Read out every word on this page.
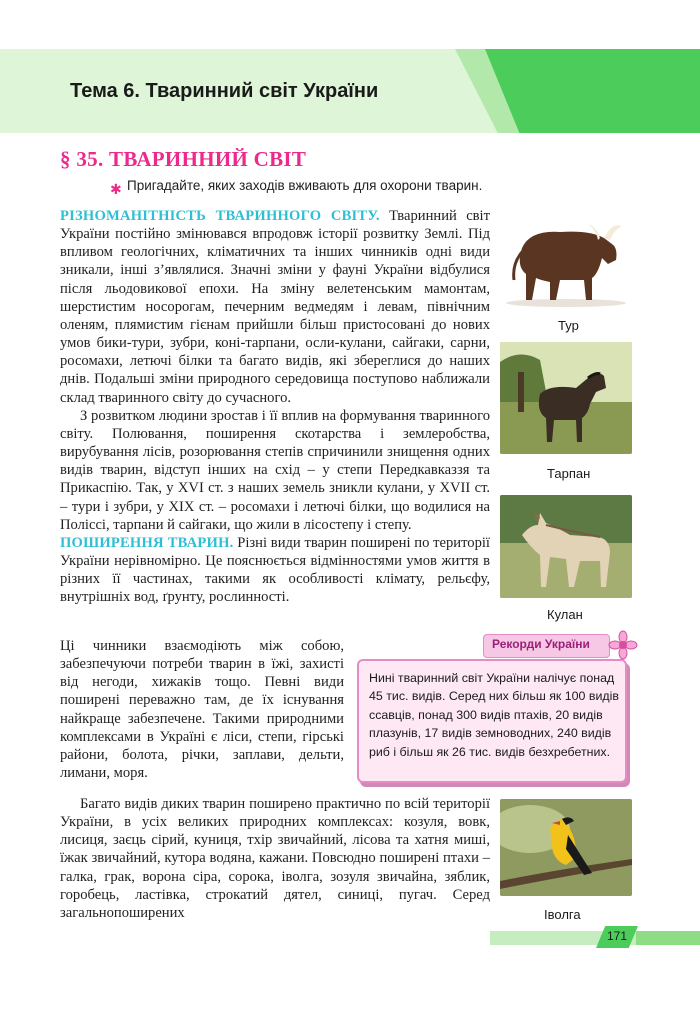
Тема 6. Тваринний світ України
§ 35. ТВАРИННИЙ СВІТ
✱ Пригадайте, яких заходів вживають для охорони тварин.

РІЗНОМАНІТНІСТЬ ТВАРИННОГО СВІТУ. Тваринний світ України постійно змінювався впродовж історії розвитку Землі. Під впливом геологічних, кліматичних та інших чинників одні види зникали, інші з’являлися. Значні зміни у фауні України відбулися після льодовикової епохи. На зміну велетенським мамонтам, шерстистим носорогам, печерним ведмедям і левам, північним оленям, плямистим гієнам прийшли більш пристосовані до нових умов бики-тури, зубри, коні-тарпани, осли-кулани, сайгаки, сарни, росомахи, летючі білки та багато видів, які збереглися до наших днів. Подальші зміни природного середовища поступово наближали склад тваринного світу до сучасного.

З розвитком людини зростав і її вплив на формування тваринного світу. Полювання, поширення скотарства і землеробства, вирубування лісів, розорювання степів спричинили знищення одних видів тварин, відступ інших на схід – у степи Передкавказзя та Прикаспію. Так, у XVI ст. з наших земель зникли кулани, у XVII ст. – тури і зубри, у XIX ст. – росомахи і летючі білки, що водилися на Поліссі, тарпани й сайгаки, що жили в лісостепу і степу.

ПОШИРЕННЯ ТВАРИН. Різні види тварин поширені по території України нерівномірно. Це пояснюється відмінностями умов життя в різних її частинах, такими як особливості клімату, рельєфу, внутрішніх вод, ґрунту, рослинності.

Ці чинники взаємодіють між собою, забезпечуючи потреби тварин в їжі, захисті від негоди, хижаків тощо. Певні види поширені переважно там, де їх існування найкраще забезпечене. Такими природними комплексами в Україні є ліси, степи, гірські райони, болота, річки, заплави, дельти, лимани, моря.

Багато видів диких тварин поширено практично по всій території України, в усіх великих природних комплексах: козуля, вовк, лисиця, заєць сірий, куниця, тхір звичайний, лісова та хатня миші, їжак звичайний, кутора водяна, кажани. Повсюдно поширені птахи – галка, грак, ворона сіра, сорока, іволга, зозуля звичайна, зяблик, горобець, ластівка, строкатий дятел, синиці, пугач. Серед загальнопоширених

Тур
Тарпан
Кулан
Рекорди України
Нині тваринний світ України налічує понад 45 тис. видів. Серед них більш як 100 видів ссавців, понад 300 видів птахів, 20 видів плазунів, 17 видів земноводних, 240 видів риб і більш як 26 тис. видів безхребетних.
Іволга
171
